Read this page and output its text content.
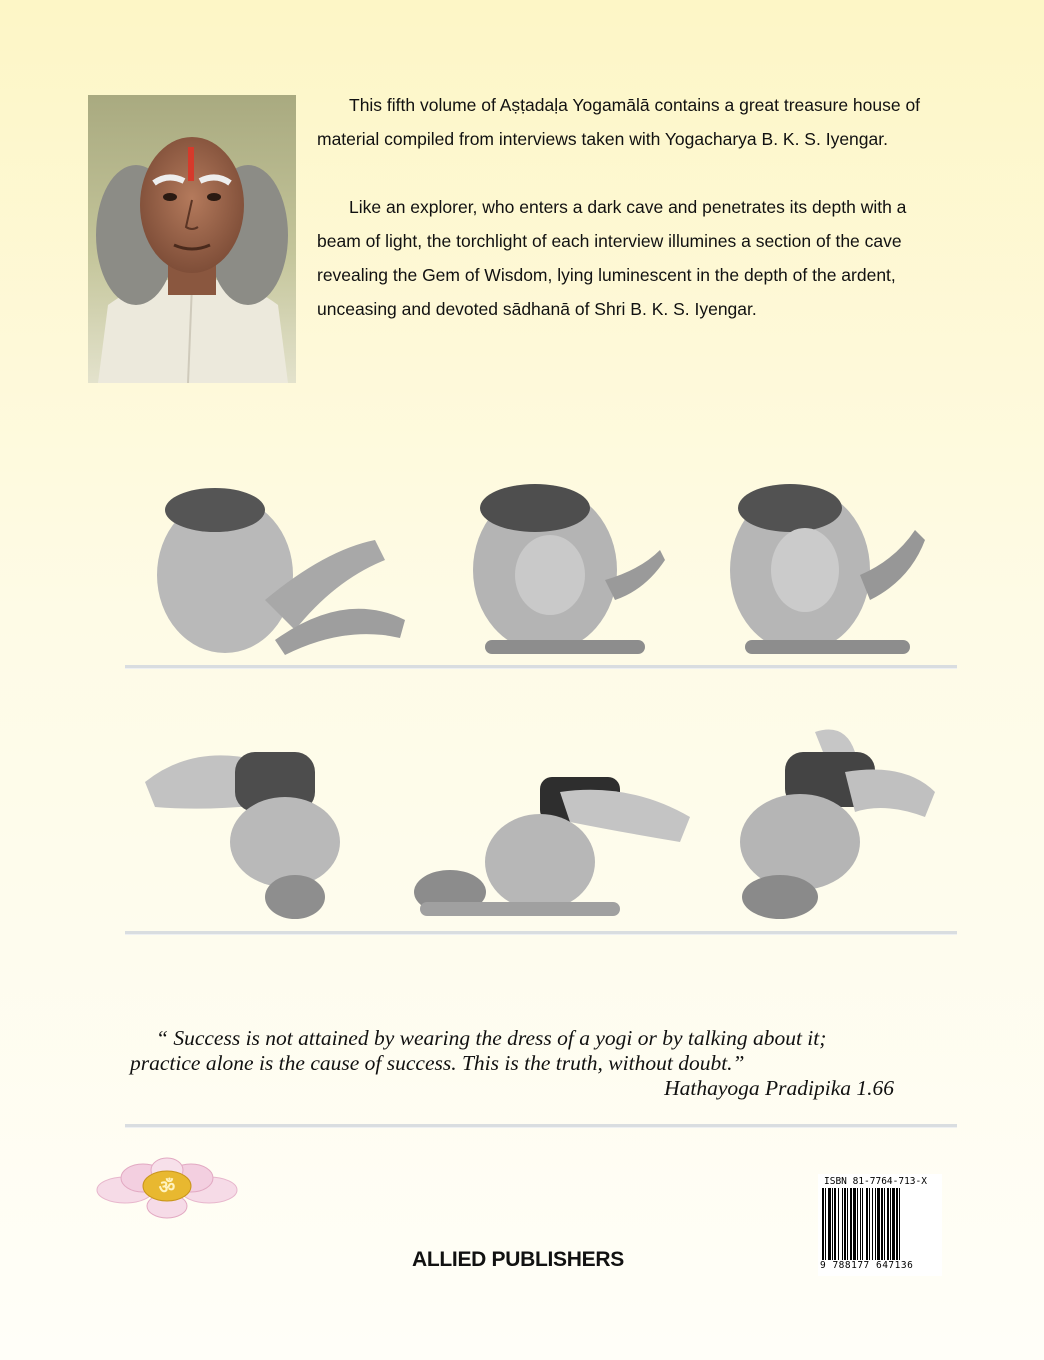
This fifth volume of Aṣṭadaḷa Yogamālā contains a great treasure house of material compiled from interviews taken with Yogacharya B. K. S. Iyengar.

Like an explorer, who enters a dark cave and penetrates its depth with a beam of light, the torchlight of each interview illumines a section of the cave revealing the Gem of Wisdom, lying luminescent in the depth of the ardent, unceasing and devoted sādhanā of Shri B. K. S. Iyengar.

“ Success is not attained by wearing the dress of a yogi or by talking about it;
practice alone is the cause of success. This is the truth, without doubt.”
Hathayoga Pradipika 1.66
ॐ
ALLIED PUBLISHERS
ISBN 81-7764-713-X
9 788177 647136
